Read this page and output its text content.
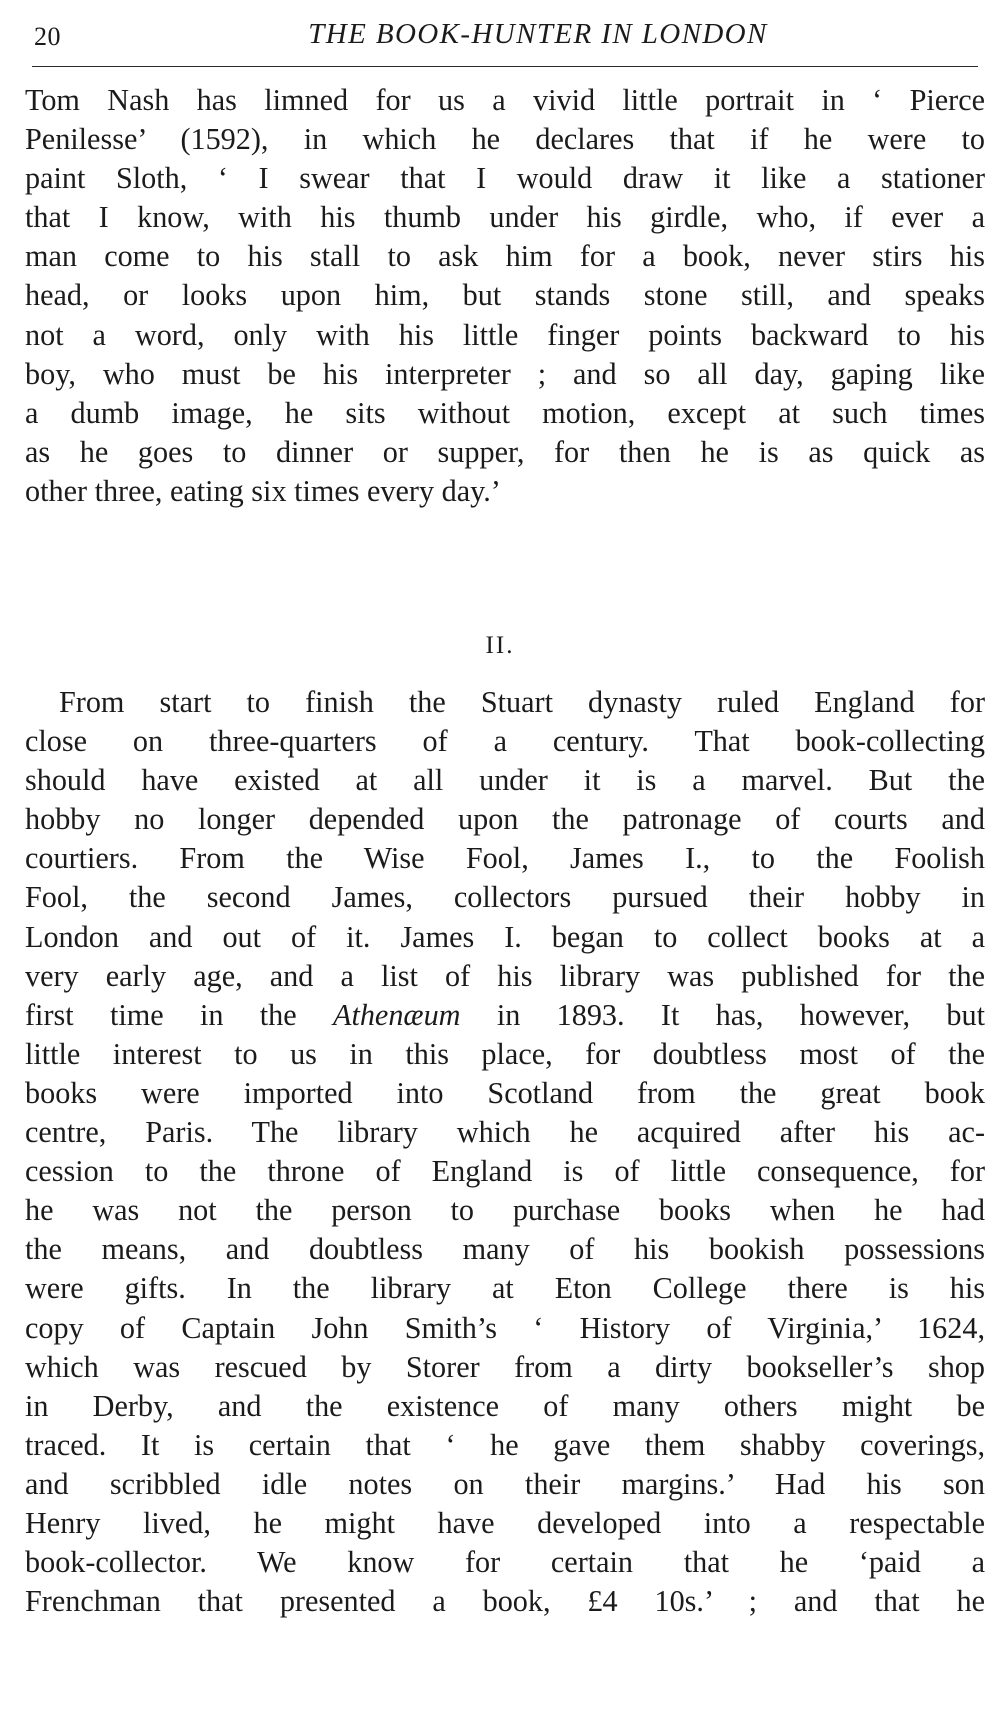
20	THE BOOK-HUNTER IN LONDON
Tom Nash has limned for us a vivid little portrait in ‘ Pierce
Penilesse’ (1592), in which he declares that if he were to
paint Sloth, ‘ I swear that I would draw it like a stationer
that I know, with his thumb under his girdle, who, if ever a
man come to his stall to ask him for a book, never stirs his
head, or looks upon him, but stands stone still, and speaks
not a word, only with his little finger points backward to his
boy, who must be his interpreter ; and so all day, gaping like
a dumb image, he sits without motion, except at such times
as he goes to dinner or supper, for then he is as quick as
other three, eating six times every day.’
II.
From start to finish the Stuart dynasty ruled England for
close on three-quarters of a century. That book-collecting
should have existed at all under it is a marvel. But the
hobby no longer depended upon the patronage of courts and
courtiers. From the Wise Fool, James I., to the Foolish
Fool, the second James, collectors pursued their hobby in
London and out of it. James I. began to collect books at a
very early age, and a list of his library was published for the
first time in the Athenæum in 1893. It has, however, but
little interest to us in this place, for doubtless most of the
books were imported into Scotland from the great book
centre, Paris. The library which he acquired after his ac-
cession to the throne of England is of little consequence, for
he was not the person to purchase books when he had
the means, and doubtless many of his bookish possessions
were gifts. In the library at Eton College there is his
copy of Captain John Smith’s ‘ History of Virginia,’ 1624,
which was rescued by Storer from a dirty bookseller’s shop
in Derby, and the existence of many others might be
traced. It is certain that ‘ he gave them shabby coverings,
and scribbled idle notes on their margins.’ Had his son
Henry lived, he might have developed into a respectable
book-collector. We know for certain that he ‘paid a
Frenchman that presented a book, £4 10s.’ ; and that he
